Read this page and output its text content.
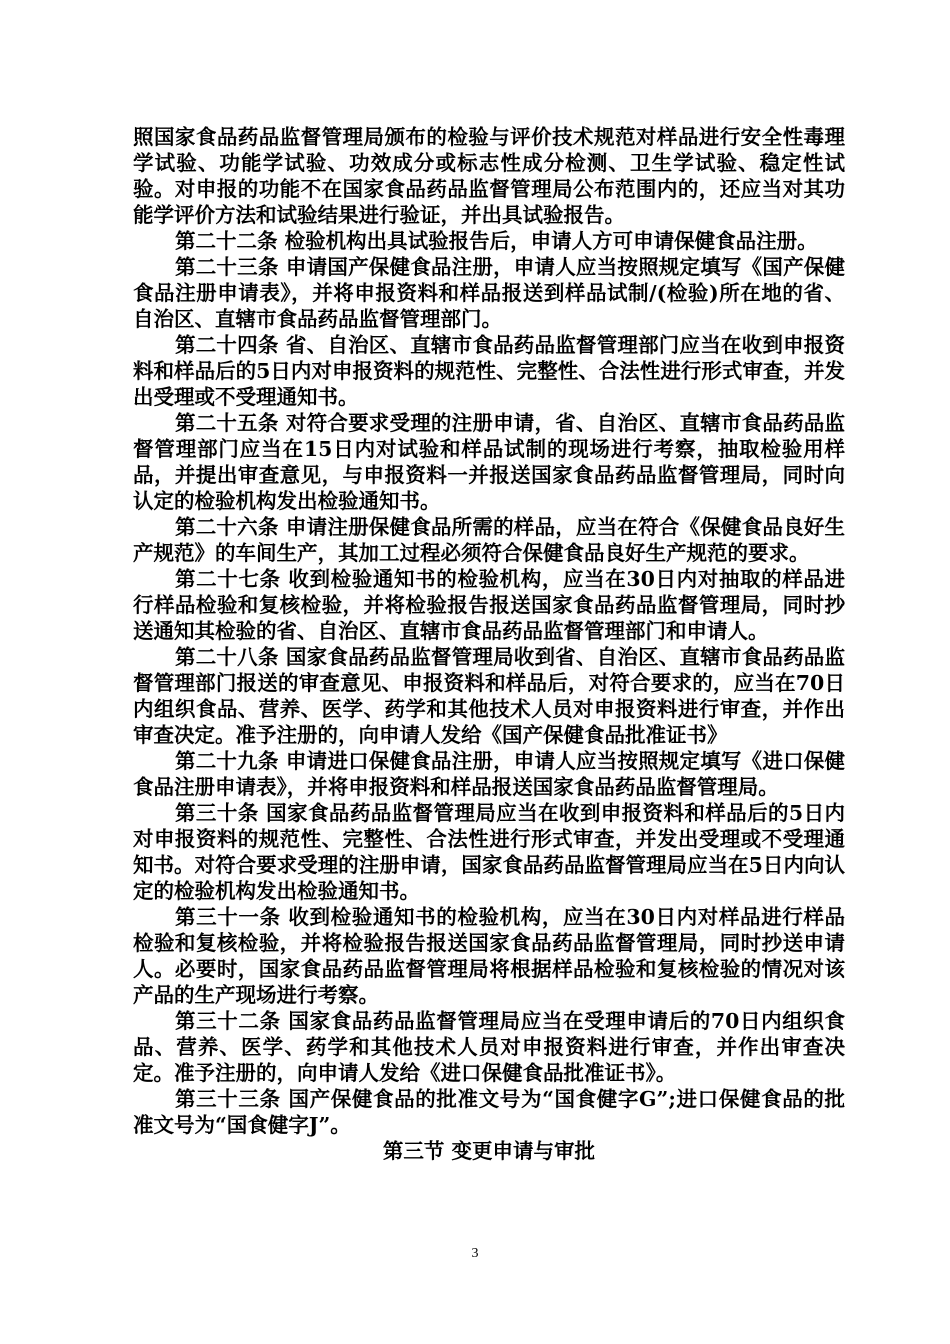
照国家食品药品监督管理局颁布的检验与评价技术规范对样品进行安全性毒理学试验、功能学试验、功效成分或标志性成分检测、卫生学试验、稳定性试验。对申报的功能不在国家食品药品监督管理局公布范围内的，还应当对其功能学评价方法和试验结果进行验证，并出具试验报告。

第二十二条 检验机构出具试验报告后，申请人方可申请保健食品注册。

第二十三条 申请国产保健食品注册，申请人应当按照规定填写《国产保健食品注册申请表》，并将申报资料和样品报送到样品试制/(检验)所在地的省、自治区、直辖市食品药品监督管理部门。

第二十四条 省、自治区、直辖市食品药品监督管理部门应当在收到申报资料和样品后的5日内对申报资料的规范性、完整性、合法性进行形式审查，并发出受理或不受理通知书。

第二十五条 对符合要求受理的注册申请，省、自治区、直辖市食品药品监督管理部门应当在15日内对试验和样品试制的现场进行考察，抽取检验用样品，并提出审查意见，与申报资料一并报送国家食品药品监督管理局，同时向认定的检验机构发出检验通知书。

第二十六条 申请注册保健食品所需的样品，应当在符合《保健食品良好生产规范》的车间生产，其加工过程必须符合保健食品良好生产规范的要求。

第二十七条 收到检验通知书的检验机构，应当在30日内对抽取的样品进行样品检验和复核检验，并将检验报告报送国家食品药品监督管理局，同时抄送通知其检验的省、自治区、直辖市食品药品监督管理部门和申请人。

第二十八条 国家食品药品监督管理局收到省、自治区、直辖市食品药品监督管理部门报送的审查意见、申报资料和样品后，对符合要求的，应当在70日内组织食品、营养、医学、药学和其他技术人员对申报资料进行审查，并作出审查决定。准予注册的，向申请人发给《国产保健食品批准证书》

第二十九条 申请进口保健食品注册，申请人应当按照规定填写《进口保健食品注册申请表》，并将申报资料和样品报送国家食品药品监督管理局。

第三十条 国家食品药品监督管理局应当在收到申报资料和样品后的5日内对申报资料的规范性、完整性、合法性进行形式审查，并发出受理或不受理通知书。对符合要求受理的注册申请，国家食品药品监督管理局应当在5日内向认定的检验机构发出检验通知书。

第三十一条 收到检验通知书的检验机构，应当在30日内对样品进行样品检验和复核检验，并将检验报告报送国家食品药品监督管理局，同时抄送申请人。必要时，国家食品药品监督管理局将根据样品检验和复核检验的情况对该产品的生产现场进行考察。

第三十二条 国家食品药品监督管理局应当在受理申请后的70日内组织食品、营养、医学、药学和其他技术人员对申报资料进行审查，并作出审查决定。准予注册的，向申请人发给《进口保健食品批准证书》。

第三十三条 国产保健食品的批准文号为“国食健字G”;进口保健食品的批准文号为“国食健字J”。

第三节 变更申请与审批

3
